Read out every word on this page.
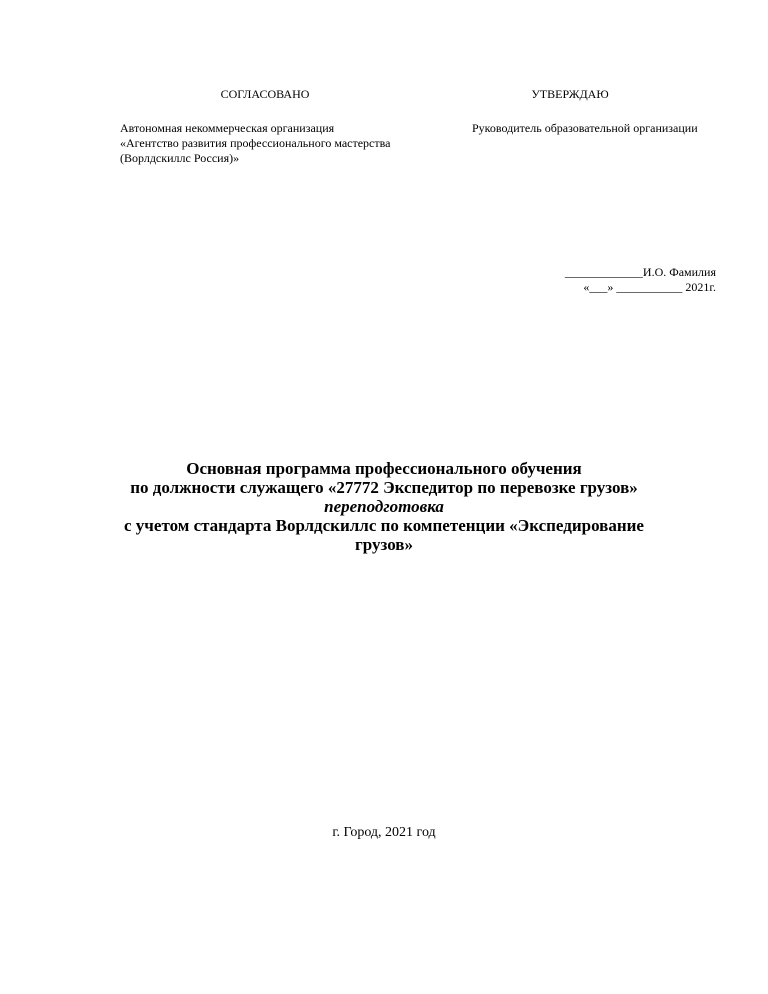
СОГЛАСОВАНО	УТВЕРЖДАЮ
Автономная некоммерческая организация
«Агентство развития профессионального мастерства
(Ворлдскиллс Россия)»
Руководитель образовательной организации
_____________И.О. Фамилия
«___» ___________ 2021г.
Основная программа профессионального обучения
по должности служащего «27772 Экспедитор по перевозке грузов»
переподготовка
с учетом стандарта Ворлдскиллс по компетенции «Экспедирование
грузов»
г. Город, 2021 год
